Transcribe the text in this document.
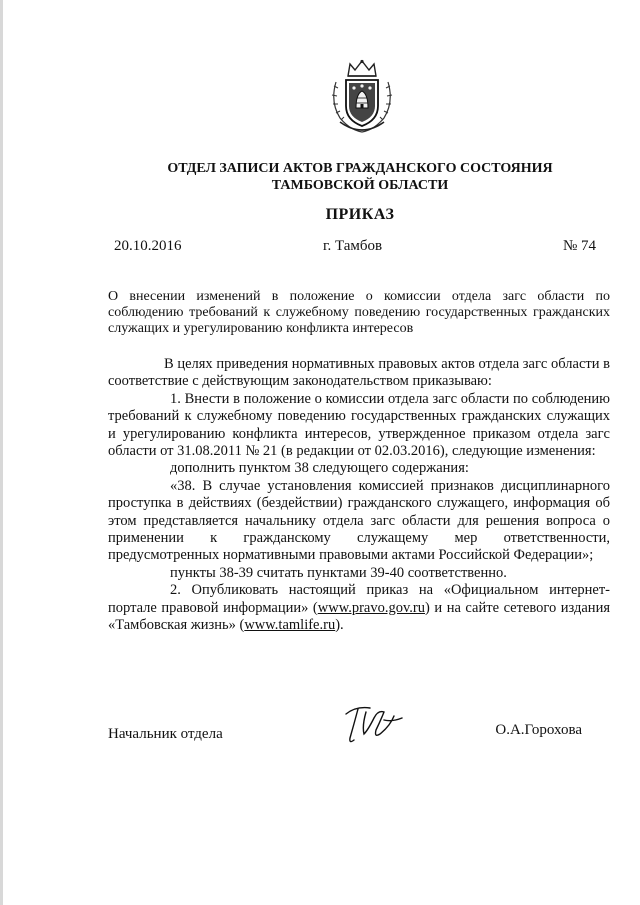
ОТДЕЛ ЗАПИСИ АКТОВ ГРАЖДАНСКОГО СОСТОЯНИЯ
ТАМБОВСКОЙ ОБЛАСТИ
ПРИКАЗ
20.10.2016	г. Тамбов	№ 74
О внесении изменений в положение о комиссии отдела загс области по соблюдению требований к служебному поведению государственных гражданских служащих и урегулированию конфликта интересов

В целях приведения нормативных правовых актов отдела загс области в соответствие с действующим законодательством приказываю:

1. Внести в положение о комиссии отдела загс области по соблюдению требований к служебному поведению государственных гражданских служащих и урегулированию конфликта интересов, утвержденное приказом отдела загс области от 31.08.2011 № 21 (в редакции от 02.03.2016), следующие изменения:

дополнить пунктом 38 следующего содержания:

«38. В случае установления комиссией признаков дисциплинарного проступка в действиях (бездействии) гражданского служащего, информация об этом представляется начальнику отдела загс области для решения вопроса о применении к гражданскому служащему мер ответственности, предусмотренных нормативными правовыми актами Российской Федерации»;

пункты 38-39 считать пунктами 39-40 соответственно.

2. Опубликовать настоящий приказ на «Официальном интернет-портале правовой информации» (www.pravo.gov.ru) и на сайте сетевого издания «Тамбовская жизнь» (www.tamlife.ru).

Начальник отдела	О.А.Горохова
